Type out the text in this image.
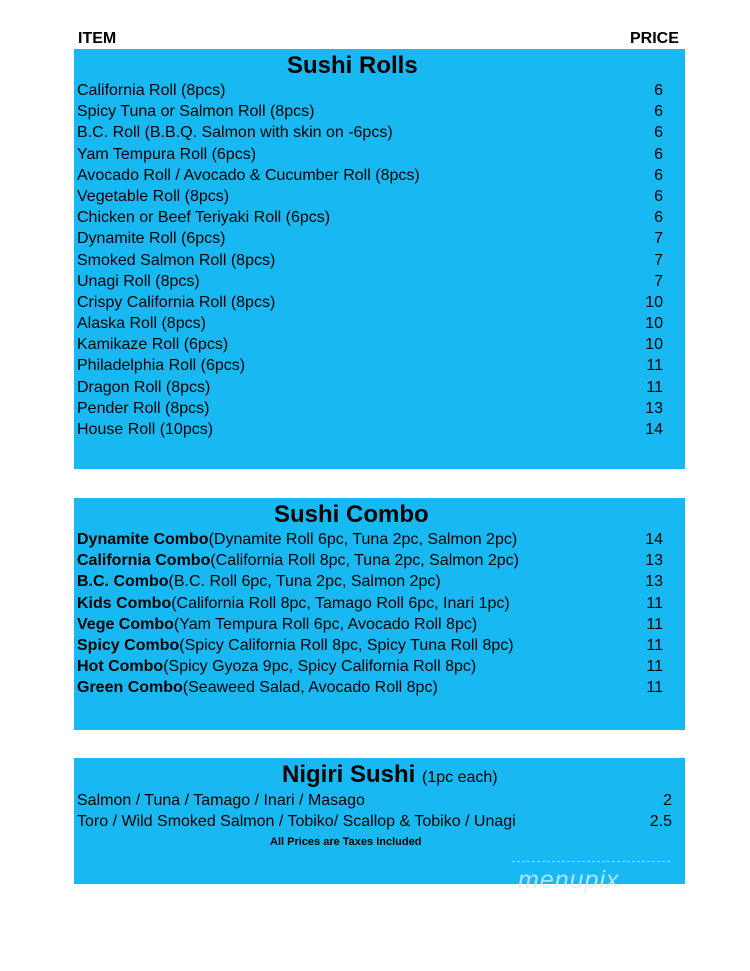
ITEM	PRICE
Sushi Rolls
California Roll (8pcs)	6
Spicy Tuna or Salmon Roll (8pcs)	6
B.C. Roll (B.B.Q. Salmon with skin on -6pcs)	6
Yam Tempura Roll (6pcs)	6
Avocado Roll / Avocado & Cucumber Roll (8pcs)	6
Vegetable Roll (8pcs)	6
Chicken or Beef Teriyaki Roll (6pcs)	6
Dynamite Roll (6pcs)	7
Smoked Salmon Roll (8pcs)	7
Unagi Roll (8pcs)	7
Crispy California Roll (8pcs)	10
Alaska Roll (8pcs)	10
Kamikaze Roll (6pcs)	10
Philadelphia Roll (6pcs)	11
Dragon Roll (8pcs)	11
Pender Roll (8pcs)	13
House Roll (10pcs)	14
Sushi Combo
Dynamite Combo(Dynamite Roll 6pc, Tuna 2pc, Salmon 2pc)	14
California Combo(California Roll 8pc, Tuna 2pc, Salmon 2pc)	13
B.C. Combo(B.C. Roll 6pc, Tuna 2pc, Salmon 2pc)	13
Kids Combo(California Roll 8pc, Tamago Roll 6pc, Inari 1pc)	11
Vege Combo(Yam Tempura Roll 6pc, Avocado Roll 8pc)	11
Spicy Combo(Spicy California Roll 8pc, Spicy Tuna Roll 8pc)	11
Hot Combo(Spicy Gyoza 9pc, Spicy California Roll 8pc)	11
Green Combo(Seaweed Salad, Avocado Roll 8pc)	11
Nigiri Sushi (1pc each)
Salmon / Tuna / Tamago / Inari / Masago	2
Toro / Wild Smoked Salmon / Tobiko/ Scallop & Tobiko / Unagi	2.5
All Prices are Taxes Included
menupix
